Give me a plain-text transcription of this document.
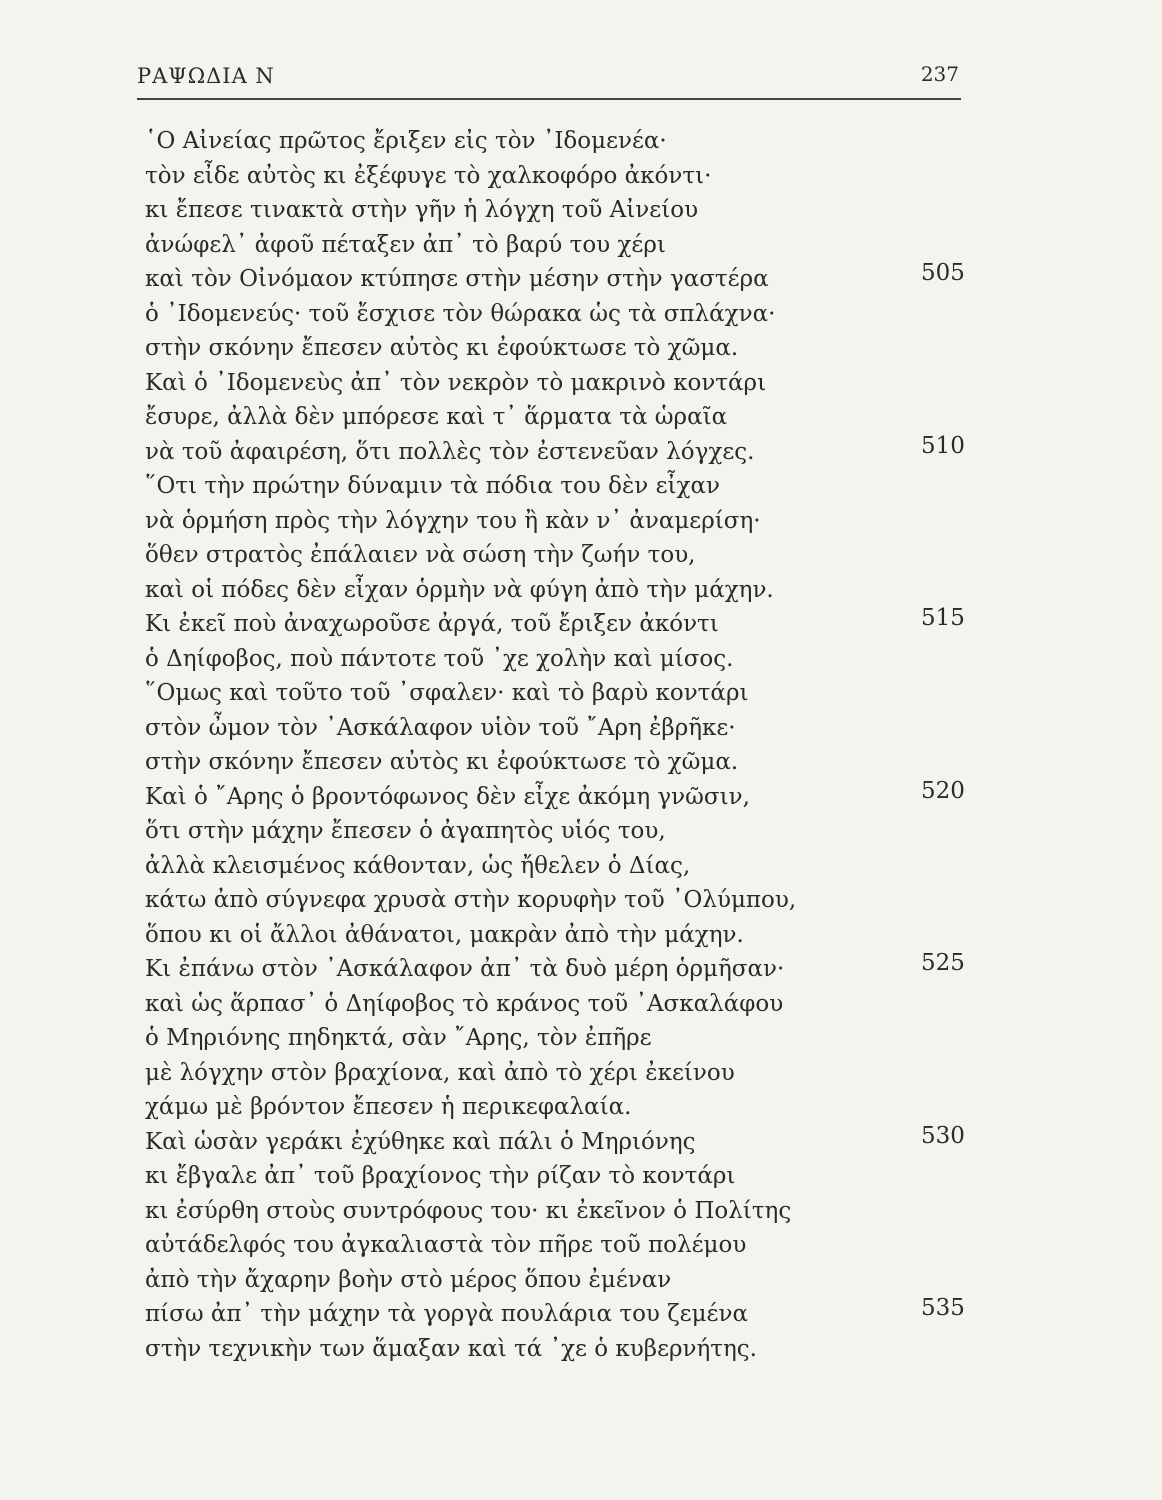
ΡΑΨΩΔΙΑ Ν	237
῾Ο Αἰνείας πρῶτος ἔριξεν εἰς τὸν ᾿Ιδομενέα·
τὸν εἶδε αὐτὸς κι ἐξέφυγε τὸ χαλκοφόρο ἀκόντι·
κι ἔπεσε τινακτὰ στὴν γῆν ἡ λόγχη τοῦ Αἰνείου
ἀνώφελ᾿ ἀφοῦ πέταξεν ἀπ᾿ τὸ βαρύ του χέρι
καὶ τὸν Οἰνόμαον κτύπησε στὴν μέσην στὴν γαστέρα	505
ὁ ᾿Ιδομενεύς· τοῦ ἔσχισε τὸν θώρακα ὡς τὰ σπλάχνα·
στὴν σκόνην ἔπεσεν αὐτὸς κι ἐφούκτωσε τὸ χῶμα.
Καὶ ὁ ᾿Ιδομενεὺς ἀπ᾿ τὸν νεκρὸν τὸ μακρινὸ κοντάρι
ἔσυρε, ἀλλὰ δὲν μπόρεσε καὶ τ᾿ ἅρματα τὰ ὡραῖα
νὰ τοῦ ἀφαιρέση, ὅτι πολλὲς τὸν ἐστενεῦαν λόγχες.	510
῞Οτι τὴν πρώτην δύναμιν τὰ πόδια του δὲν εἶχαν
νὰ ὁρμήση πρὸς τὴν λόγχην του ἢ κὰν ν᾿ ἀναμερίση·
ὅθεν στρατὸς ἐπάλαιεν νὰ σώση τὴν ζωήν του,
καὶ οἱ πόδες δὲν εἶχαν ὁρμὴν νὰ φύγη ἀπὸ τὴν μάχην.
Κι ἐκεῖ ποὺ ἀναχωροῦσε ἀργά, τοῦ ἔριξεν ἀκόντι	515
ὁ Δηίφοβος, ποὺ πάντοτε τοῦ ᾿χε χολὴν καὶ μίσος.
῞Ομως καὶ τοῦτο τοῦ ᾿σφαλεν· καὶ τὸ βαρὺ κοντάρι
στὸν ὦμον τὸν ᾿Ασκάλαφον υἱὸν τοῦ ῎Αρη ἐβρῆκε·
στὴν σκόνην ἔπεσεν αὐτὸς κι ἐφούκτωσε τὸ χῶμα.
Καὶ ὁ ῎Αρης ὁ βροντόφωνος δὲν εἶχε ἀκόμη γνῶσιν,	520
ὅτι στὴν μάχην ἔπεσεν ὁ ἀγαπητὸς υἱός του,
ἀλλὰ κλεισμένος κάθονταν, ὡς ἤθελεν ὁ Δίας,
κάτω ἀπὸ σύγνεφα χρυσὰ στὴν κορυφὴν τοῦ ᾿Ολύμπου,
ὅπου κι οἱ ἄλλοι ἀθάνατοι, μακρὰν ἀπὸ τὴν μάχην.
Κι ἐπάνω στὸν ᾿Ασκάλαφον ἀπ᾿ τὰ δυὸ μέρη ὁρμῆσαν·	525
καὶ ὡς ἅρπασ᾿ ὁ Δηίφοβος τὸ κράνος τοῦ ᾿Ασκαλάφου
ὁ Μηριόνης πηδηκτά, σὰν ῎Αρης, τὸν ἐπῆρε
μὲ λόγχην στὸν βραχίονα, καὶ ἀπὸ τὸ χέρι ἐκείνου
χάμω μὲ βρόντον ἔπεσεν ἡ περικεφαλαία.
Καὶ ὡσὰν γεράκι ἐχύθηκε καὶ πάλι ὁ Μηριόνης	530
κι ἔβγαλε ἀπ᾿ τοῦ βραχίονος τὴν ρίζαν τὸ κοντάρι
κι ἐσύρθη στοὺς συντρόφους του· κι ἐκεῖνον ὁ Πολίτης
αὐτάδελφός του ἀγκαλιαστὰ τὸν πῆρε τοῦ πολέμου
ἀπὸ τὴν ἄχαρην βοὴν στὸ μέρος ὅπου ἐμέναν
πίσω ἀπ᾿ τὴν μάχην τὰ γοργὰ πουλάρια του ζεμένα	535
στὴν τεχνικὴν των ἅμαξαν καὶ τά ᾿χε ὁ κυβερνήτης.
